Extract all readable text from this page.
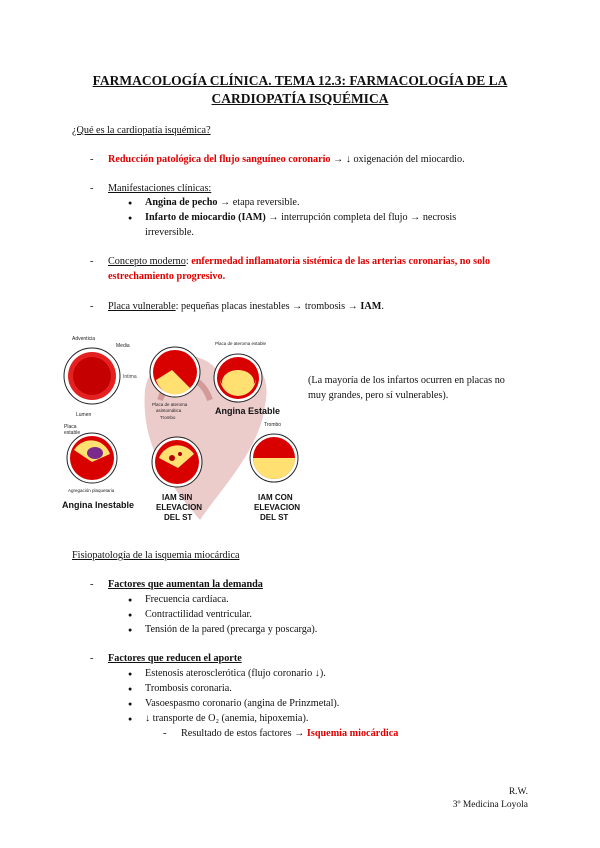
FARMACOLOGÍA CLÍNICA. TEMA 12.3: FARMACOLOGÍA DE LA
CARDIOPATÍA ISQUÉMICA
¿Qué es la cardiopatía isquémica?
- Reducción patológica del flujo sanguíneo coronario → ↓ oxigenación del miocardio.
- Manifestaciones clínicas:
● Angina de pecho → etapa reversible.
● Infarto de miocardio (IAM) → interrupción completa del flujo → necrosis
irreversible.
- Concepto moderno: enfermedad inflamatoria sistémica de las arterias coronarias, no solo
estrechamiento progresivo.
- Placa vulnerable: pequeñas placas inestables → trombosis → IAM.
Adventicia
Media
Intima
Lumen
Placa de ateroma
asintomática
Trombo
Placa de ateroma estable
Angina Estable
Placa
estable
Agregación plaquetaria
Angina Inestable
IAM SIN
ELEVACION
DEL ST
Trombo
IAM CON
ELEVACION
DEL ST
(La mayoría de los infartos ocurren en placas no
muy grandes, pero sí vulnerables).
Fisiopatología de la isquemia miocárdica
- Factores que aumentan la demanda
● Frecuencia cardíaca.
● Contractilidad ventricular.
● Tensión de la pared (precarga y poscarga).
- Factores que reducen el aporte
● Estenosis aterosclerótica (flujo coronario ↓).
● Trombosis coronaria.
● Vasoespasmo coronario (angina de Prinzmetal).
● ↓ transporte de O₂ (anemia, hipoxemia).
- Resultado de estos factores → Isquemia miocárdica
R.W.
3º Medicina Loyola
